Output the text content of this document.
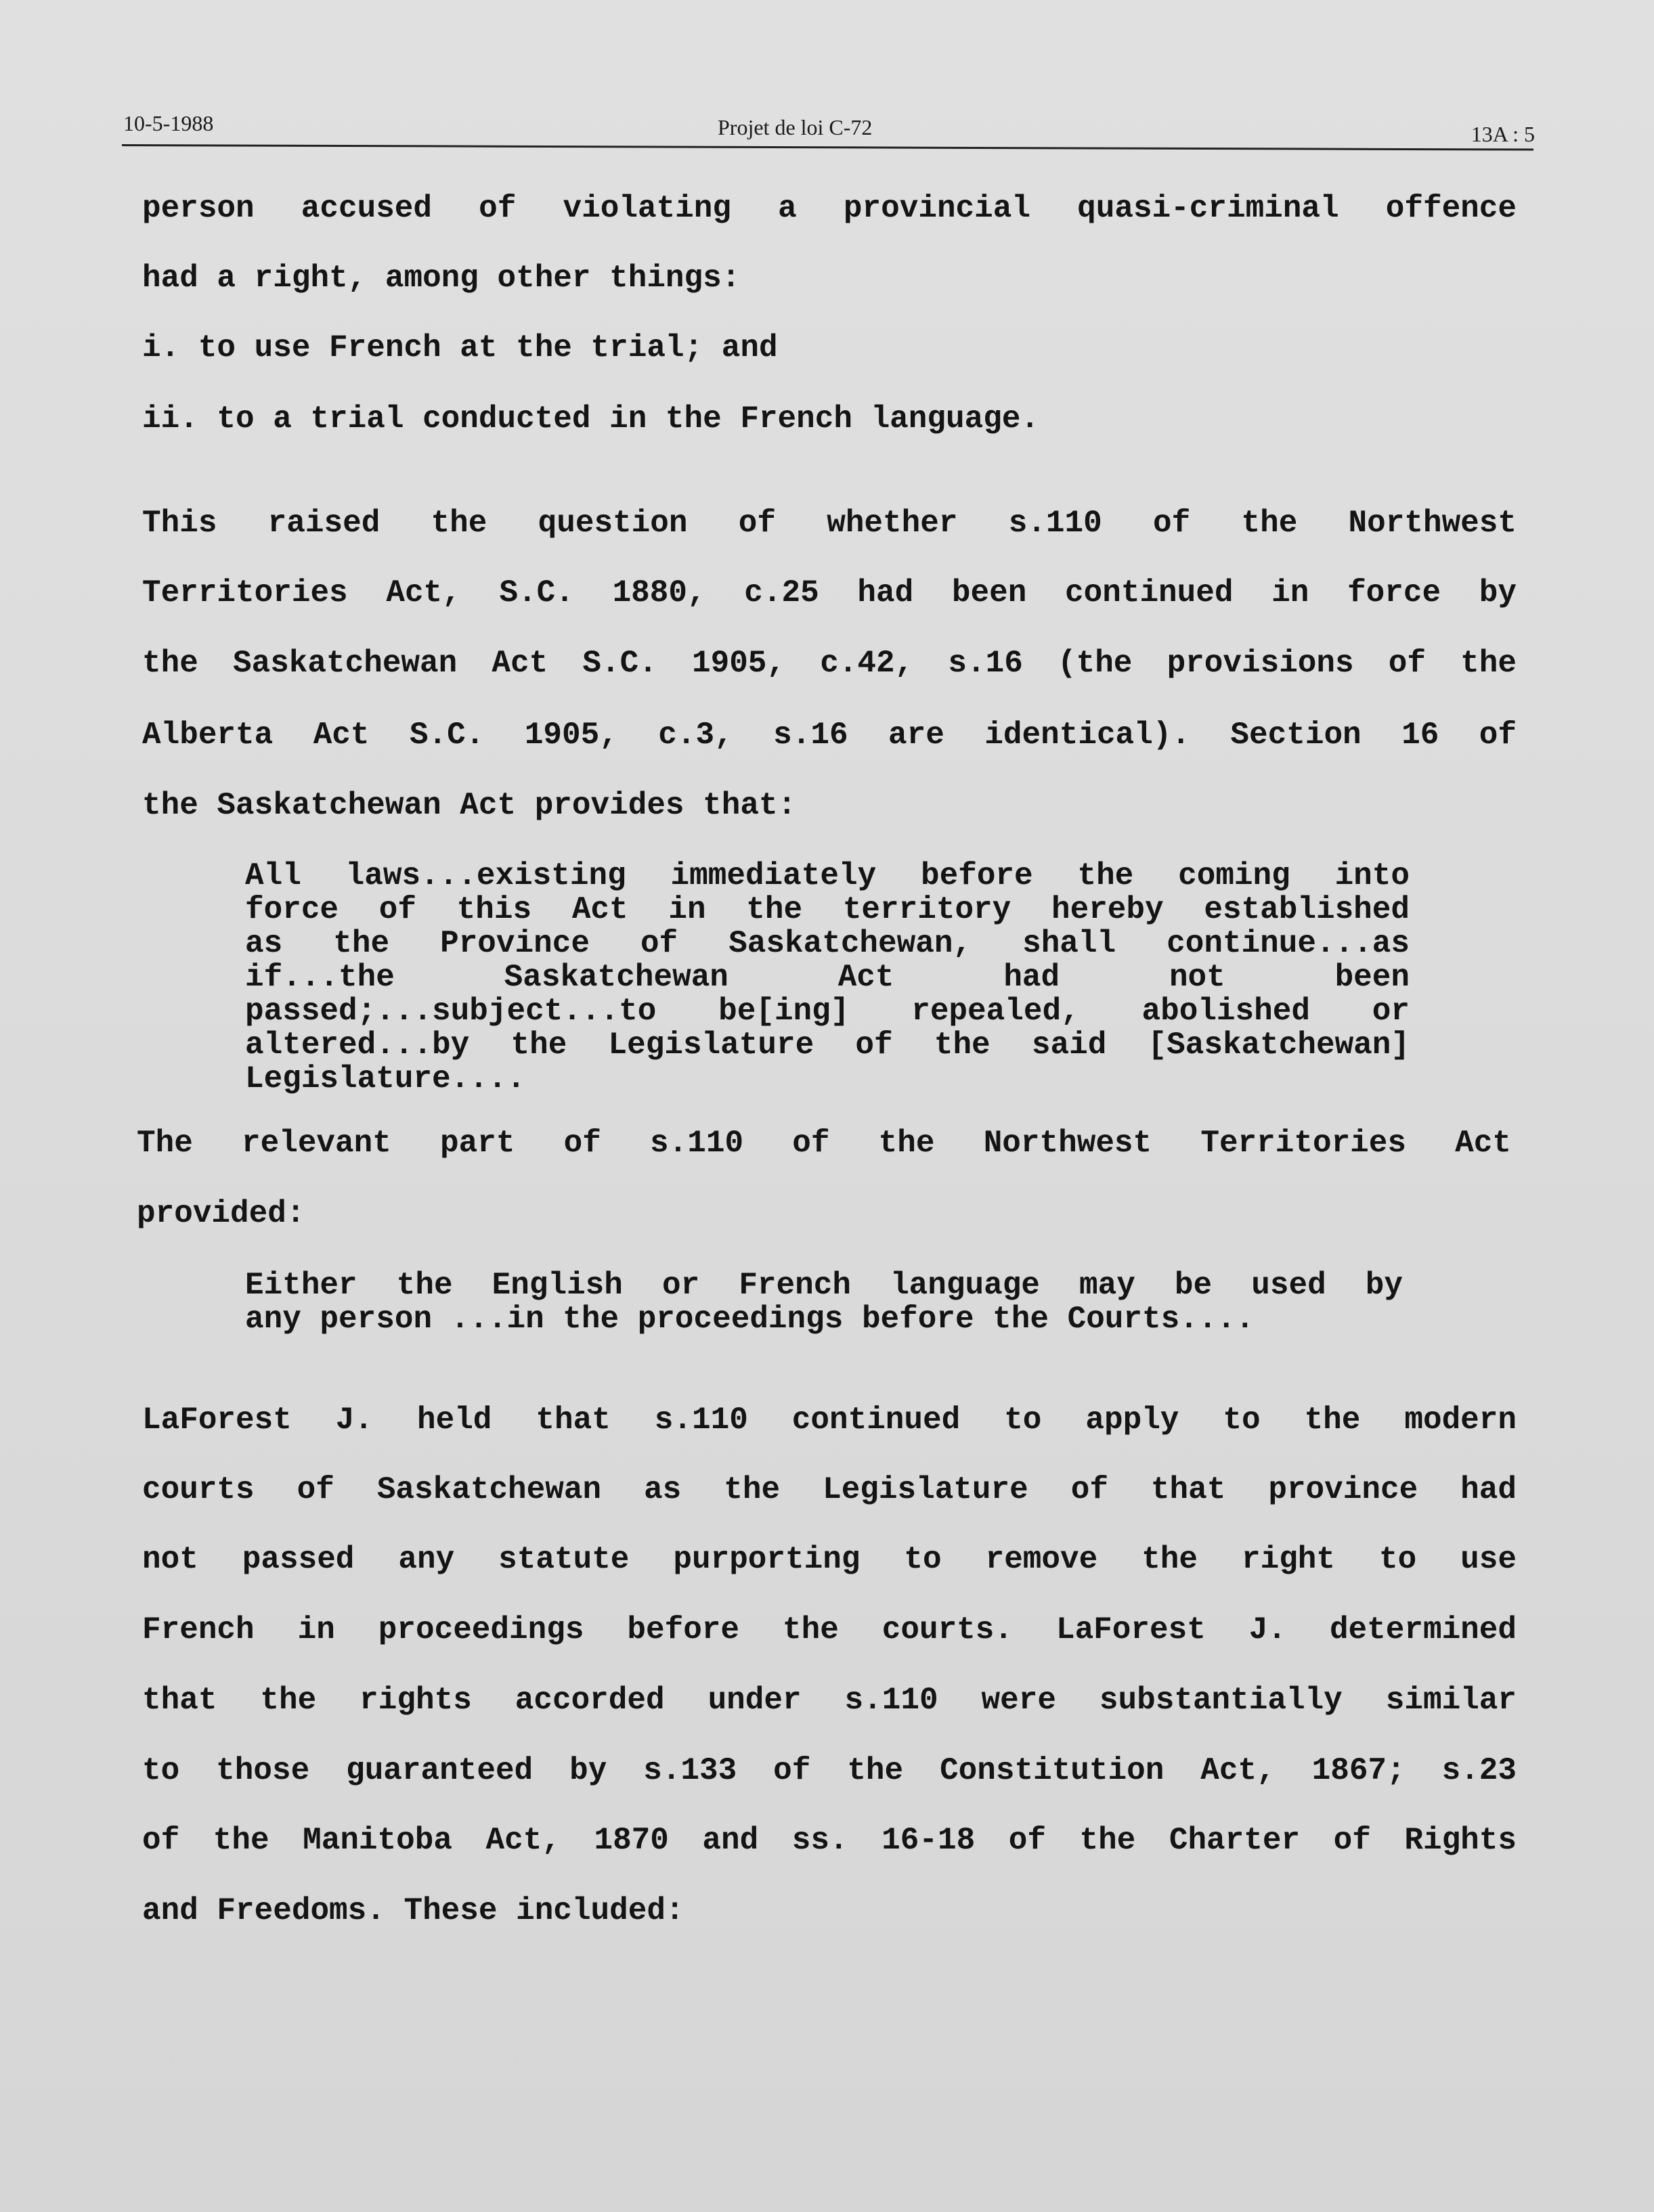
10-5-1988	Projet de loi C-72	13A : 5

person accused of violating a provincial quasi-criminal offence

had a right, among other things:

i. to use French at the trial; and

ii. to a trial conducted in the French language.

This raised the question of whether s.110 of the Northwest

Territories Act, S.C. 1880, c.25 had been continued in force by

the Saskatchewan Act S.C. 1905, c.42, s.16 (the provisions of the

Alberta Act S.C. 1905, c.3, s.16 are identical). Section 16 of

the Saskatchewan Act provides that:

All laws...existing immediately before the coming into

force of this Act in the territory hereby established

as the Province of Saskatchewan, shall continue...as

if...the Saskatchewan Act had not been

passed;...subject...to be[ing] repealed, abolished or

altered...by the Legislature of the said [Saskatchewan]

Legislature....

The relevant part of s.110 of the Northwest Territories Act

provided:

Either the English or French language may be used by

any person ...in the proceedings before the Courts....

LaForest J. held that s.110 continued to apply to the modern

courts of Saskatchewan as the Legislature of that province had

not passed any statute purporting to remove the right to use

French in proceedings before the courts. LaForest J. determined

that the rights accorded under s.110 were substantially similar

to those guaranteed by s.133 of the Constitution Act, 1867; s.23

of the Manitoba Act, 1870 and ss. 16-18 of the Charter of Rights

and Freedoms. These included:
